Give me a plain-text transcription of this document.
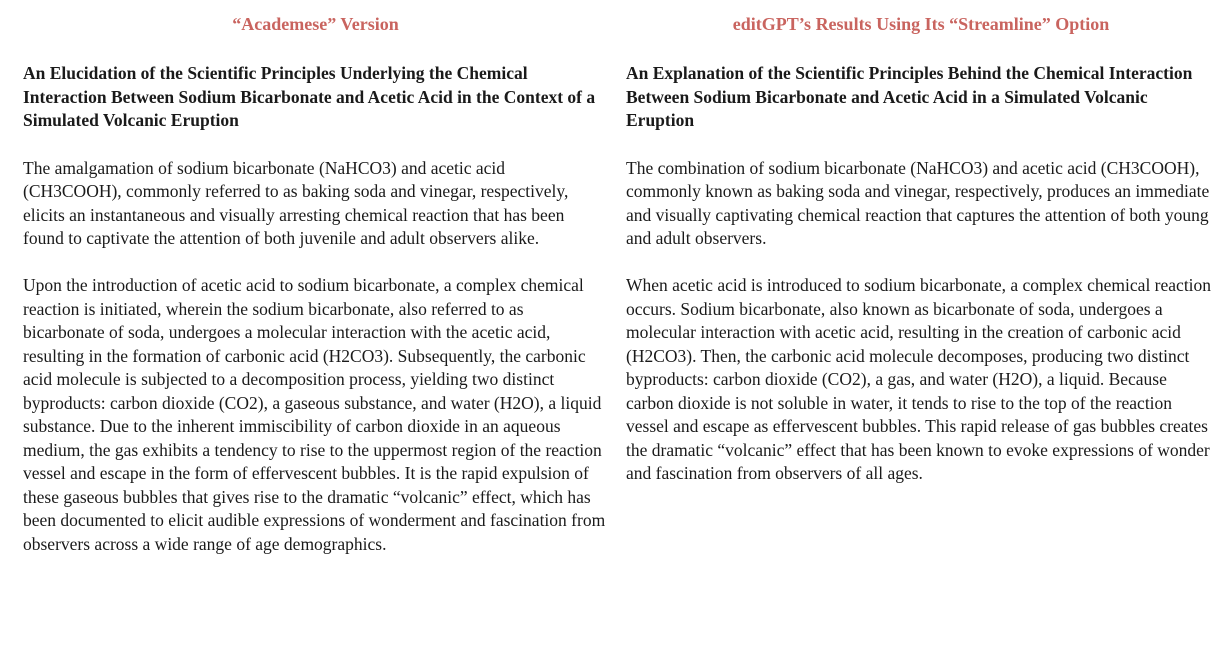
“Academese” Version
An Elucidation of the Scientific Principles Underlying the Chemical Interaction Between Sodium Bicarbonate and Acetic Acid in the Context of a Simulated Volcanic Eruption

The amalgamation of sodium bicarbonate (NaHCO3) and acetic acid (CH3COOH), commonly referred to as baking soda and vinegar, respectively, elicits an instantaneous and visually arresting chemical reaction that has been found to captivate the attention of both juvenile and adult observers alike.

Upon the introduction of acetic acid to sodium bicarbonate, a complex chemical reaction is initiated, wherein the sodium bicarbonate, also referred to as bicarbonate of soda, undergoes a molecular interaction with the acetic acid, resulting in the formation of carbonic acid (H2CO3). Subsequently, the carbonic acid molecule is subjected to a decomposition process, yielding two distinct byproducts: carbon dioxide (CO2), a gaseous substance, and water (H2O), a liquid substance. Due to the inherent immiscibility of carbon dioxide in an aqueous medium, the gas exhibits a tendency to rise to the uppermost region of the reaction vessel and escape in the form of effervescent bubbles. It is the rapid expulsion of these gaseous bubbles that gives rise to the dramatic “volcanic” effect, which has been documented to elicit audible expressions of wonderment and fascination from observers across a wide range of age demographics.

editGPT’s Results Using Its “Streamline” Option
An Explanation of the Scientific Principles Behind the Chemical Interaction Between Sodium Bicarbonate and Acetic Acid in a Simulated Volcanic Eruption

The combination of sodium bicarbonate (NaHCO3) and acetic acid (CH3COOH), commonly known as baking soda and vinegar, respectively, produces an immediate and visually captivating chemical reaction that captures the attention of both young and adult observers.

When acetic acid is introduced to sodium bicarbonate, a complex chemical reaction occurs. Sodium bicarbonate, also known as bicarbonate of soda, undergoes a molecular interaction with acetic acid, resulting in the creation of carbonic acid (H2CO3). Then, the carbonic acid molecule decomposes, producing two distinct byproducts: carbon dioxide (CO2), a gas, and water (H2O), a liquid. Because carbon dioxide is not soluble in water, it tends to rise to the top of the reaction vessel and escape as effervescent bubbles. This rapid release of gas bubbles creates the dramatic “volcanic” effect that has been known to evoke expressions of wonder and fascination from observers of all ages.
